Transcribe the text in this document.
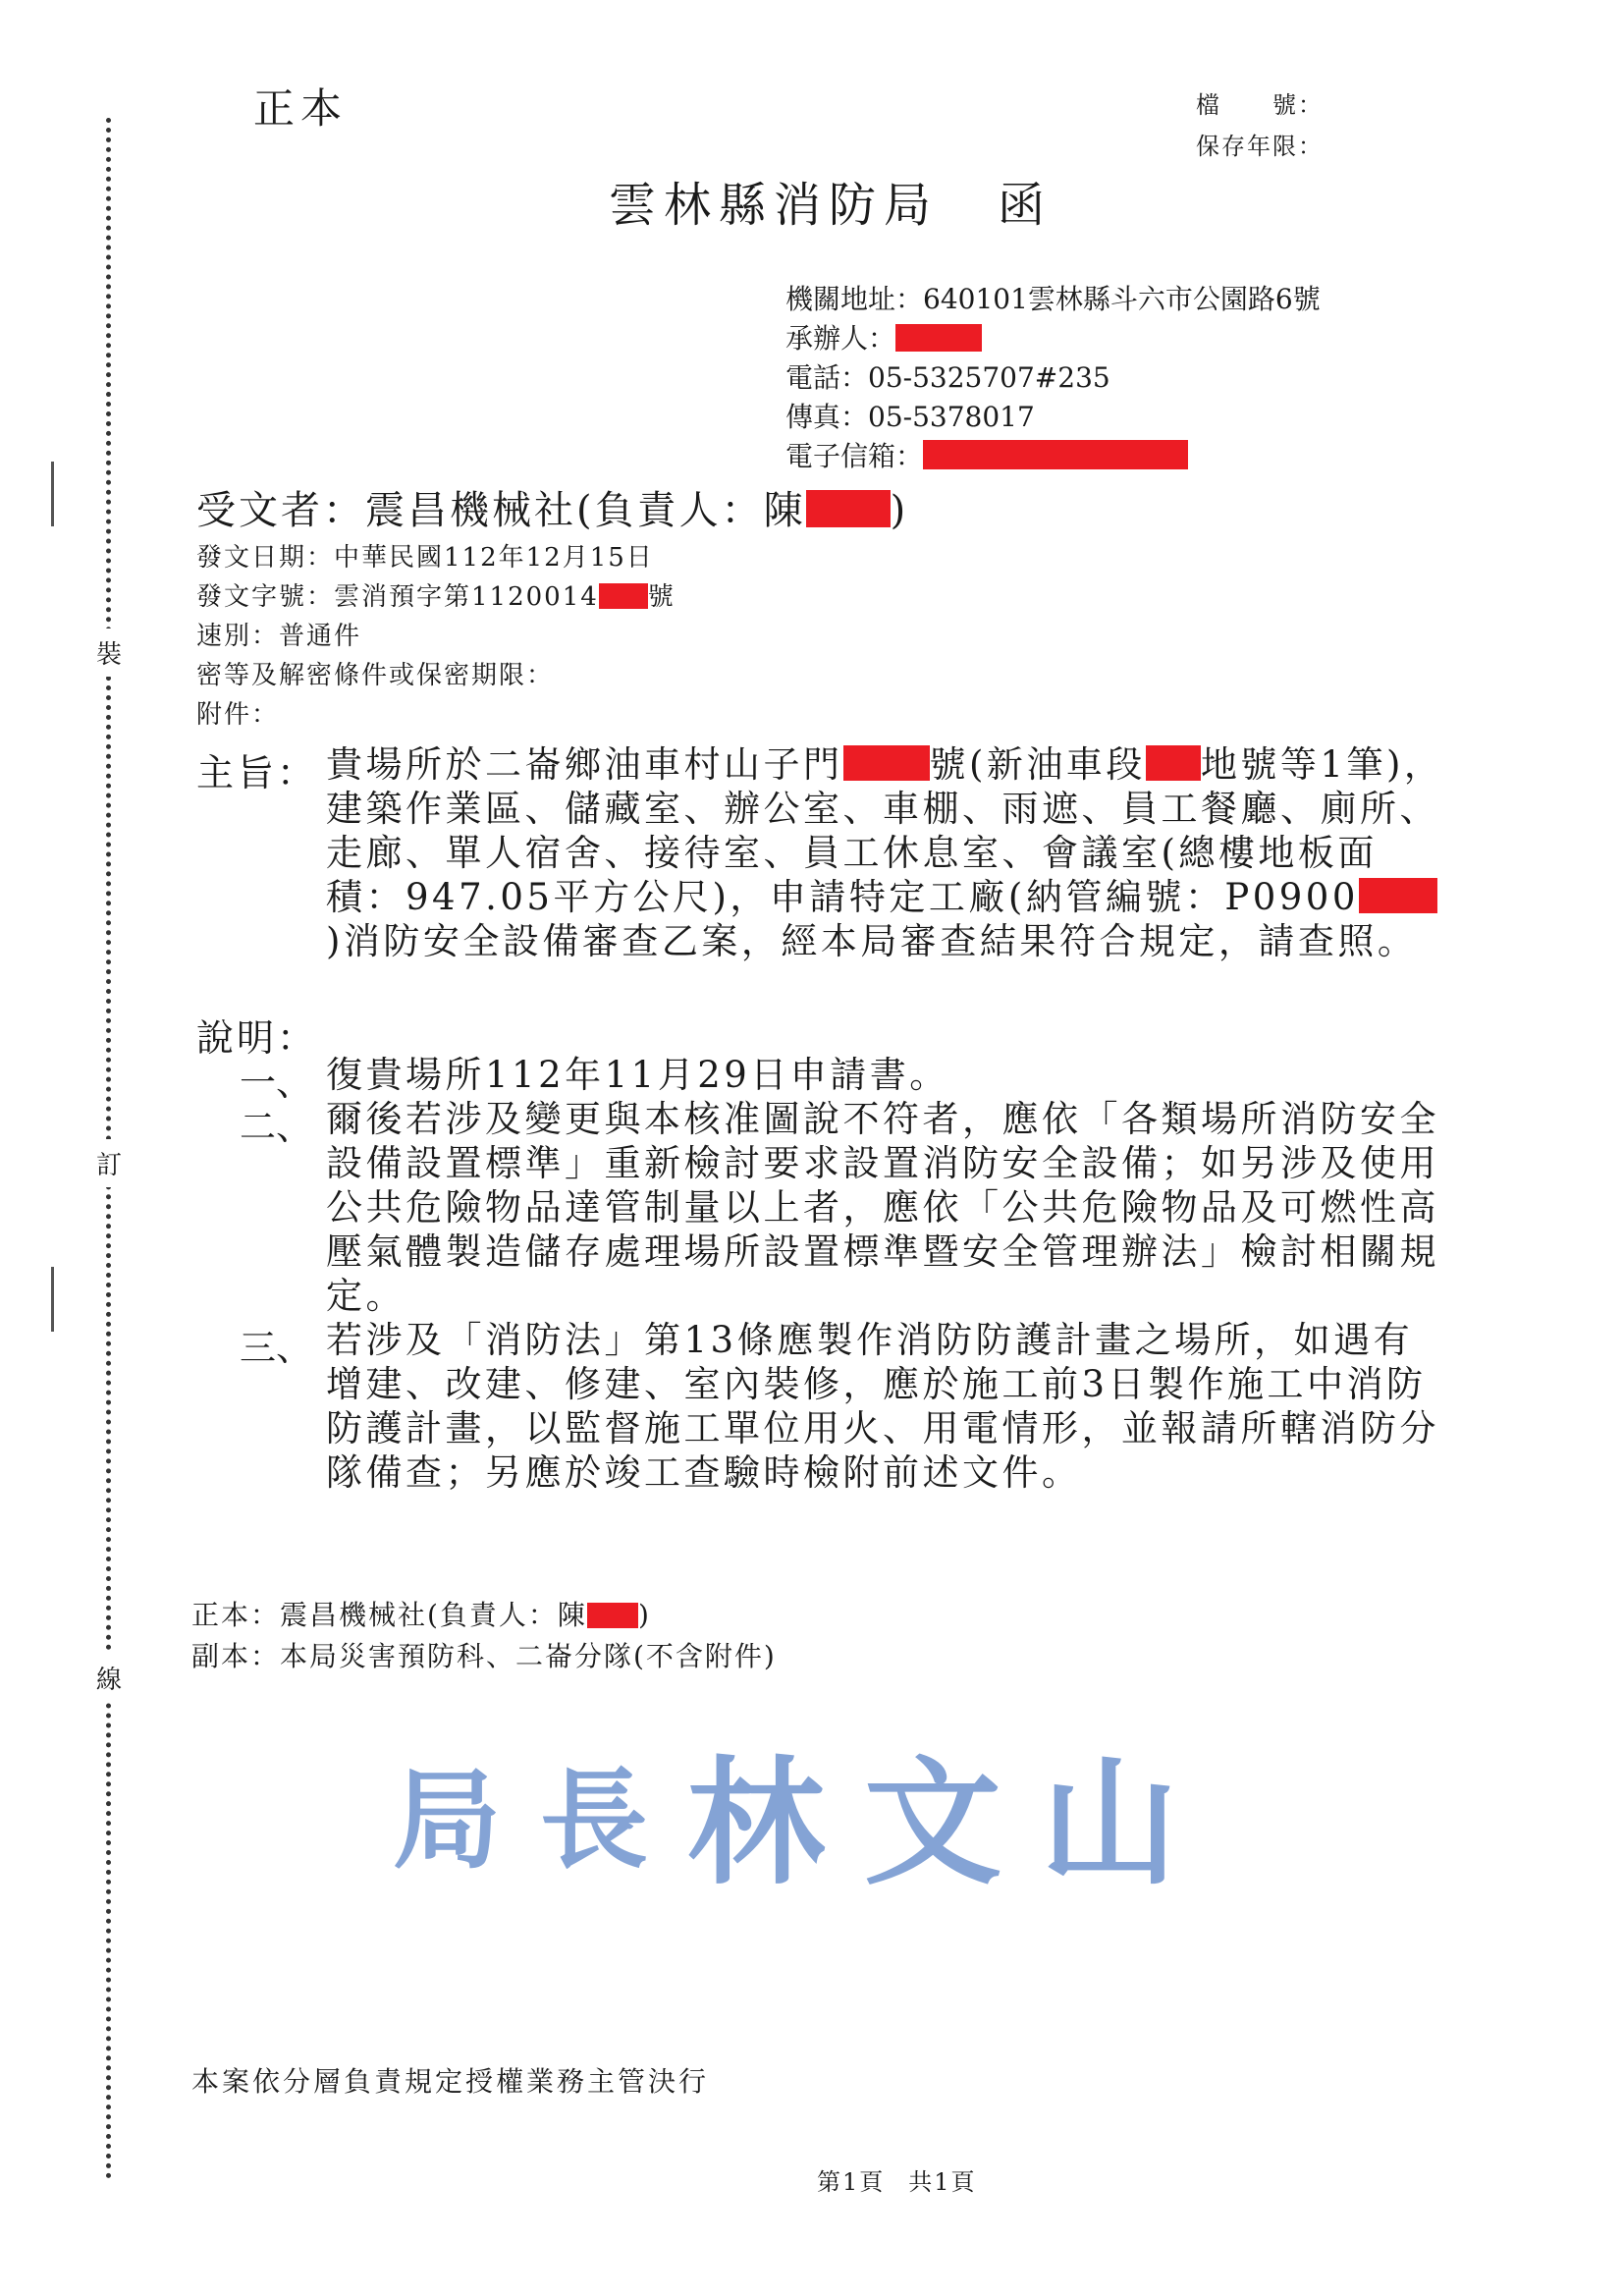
裝
訂
線
正本	檔　　號：
保存年限：
雲林縣消防局 函
機關地址：640101雲林縣斗六市公園路6號
承辦人：
電話：05-5325707#235
傳真：05-5378017
電子信箱：
受文者：震昌機械社(負責人：陳 )
發文日期：中華民國112年12月15日
發文字號：雲消預字第1120014 號
速別：普通件
密等及解密條件或保密期限：
附件：
主旨： 貴場所於二崙鄉油車村山子門 號(新油車段 地號等1筆)，建築作業區、儲藏室、辦公室、車棚、雨遮、員工餐廳、廁所、走廊、單人宿舍、接待室、員工休息室、會議室(總樓地板面積：947.05平方公尺)，申請特定工廠(納管編號：P0900)消防安全設備審查乙案，經本局審查結果符合規定，請查照。
說明：
一、 復貴場所112年11月29日申請書。
二、 爾後若涉及變更與本核准圖說不符者，應依「各類場所消防安全設備設置標準」重新檢討要求設置消防安全設備；如另涉及使用公共危險物品達管制量以上者，應依「公共危險物品及可燃性高壓氣體製造儲存處理場所設置標準暨安全管理辦法」檢討相關規定。
三、 若涉及「消防法」第13條應製作消防防護計畫之場所，如遇有增建、改建、修建、室內裝修，應於施工前3日製作施工中消防防護計畫，以監督施工單位用火、用電情形，並報請所轄消防分隊備查；另應於竣工查驗時檢附前述文件。
正本：震昌機械社(負責人：陳 )
副本：本局災害預防科、二崙分隊(不含附件)
局 長 林 文 山
本案依分層負責規定授權業務主管決行
第1頁 共1頁
